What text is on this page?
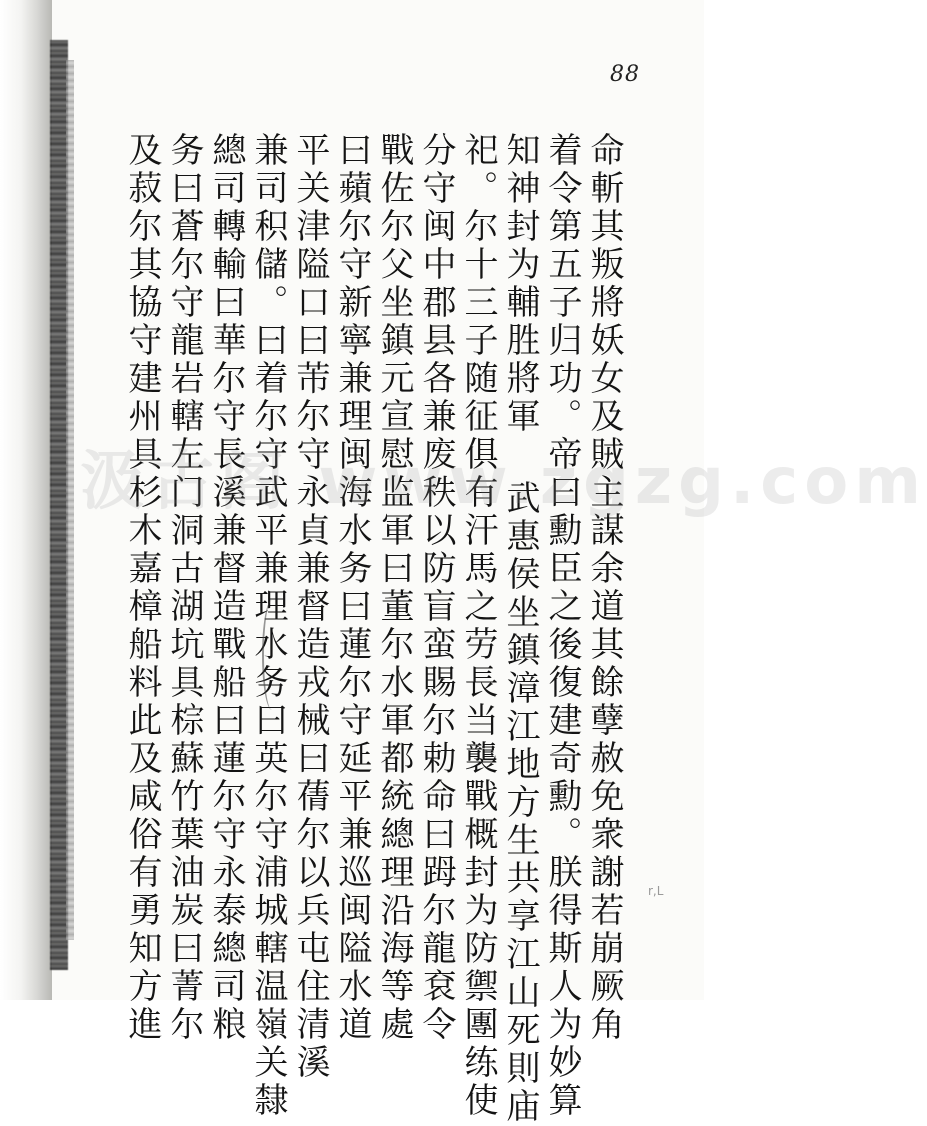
88
命斬其叛將妖女及賊主謀余道其餘孽赦免衆謝若崩厥角
着令第五子归功。帝曰勳臣之後復建奇勳。朕得斯人为妙算
知神封为輔胜將軍 武惠侯坐鎮漳江地方生共享江山死則庙
祀。尔十三子随征俱有汗馬之劳長当襲戰概封为防禦團练使
分守闽中郡县各兼废秩以防盲蛮賜尔勅命曰𧿹尔龍袞令
戰佐尔父坐鎮元宣慰监軍曰董尔水軍都統總理沿海等處
曰蘋尔守新寧兼理闽海水务曰蓮尔守延平兼巡闽隘水道
平关津隘口曰芾尔守永貞兼督造戎械曰蒨尔以兵屯住清溪
兼司积儲。曰着尔守武平兼理水务曰英尔守浦城轄温嶺关隸
總司轉輸曰華尔守長溪兼督造戰船曰蓮尔守永泰總司粮
务曰蒼尔守龍岩轄左门洞古湖坑具棕蘇竹葉油炭曰菁尔
及菽尔其協守建州具杉木嘉樟船料此及咸俗有勇知方進
汲古阁 www.zgzg.com
r,L
